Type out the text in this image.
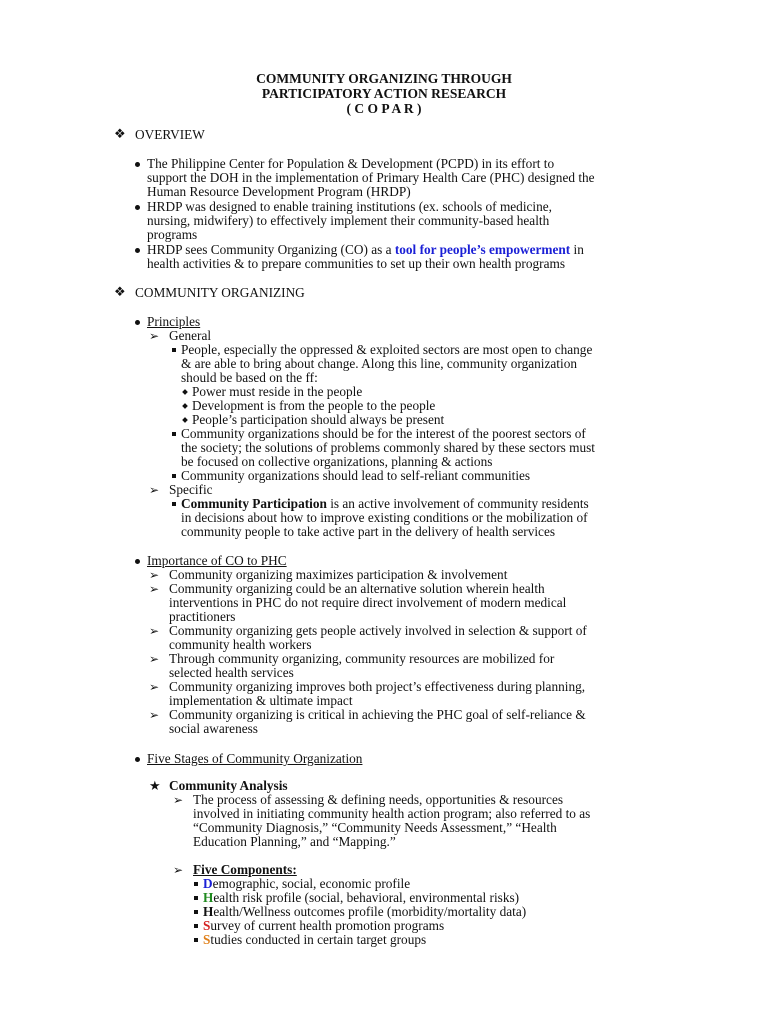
COMMUNITY ORGANIZING THROUGH
PARTICIPATORY ACTION RESEARCH
( C O P A R )
❖ OVERVIEW
The Philippine Center for Population & Development (PCPD) in its effort to
support the DOH in the implementation of Primary Health Care (PHC) designed the
Human Resource Development Program (HRDP)
HRDP was designed to enable training institutions (ex. schools of medicine,
nursing, midwifery) to effectively implement their community-based health
programs
HRDP sees Community Organizing (CO) as a tool for people’s empowerment in
health activities & to prepare communities to set up their own health programs
❖ COMMUNITY ORGANIZING
Principles
➢ General
People, especially the oppressed & exploited sectors are most open to change
& are able to bring about change. Along this line, community organization
should be based on the ff:
Power must reside in the people
Development is from the people to the people
People’s participation should always be present
Community organizations should be for the interest of the poorest sectors of
the society; the solutions of problems commonly shared by these sectors must
be focused on collective organizations, planning & actions
Community organizations should lead to self-reliant communities
➢ Specific
Community Participation is an active involvement of community residents
in decisions about how to improve existing conditions or the mobilization of
community people to take active part in the delivery of health services
Importance of CO to PHC
➢ Community organizing maximizes participation & involvement
➢ Community organizing could be an alternative solution wherein health
interventions in PHC do not require direct involvement of modern medical
practitioners
➢ Community organizing gets people actively involved in selection & support of
community health workers
➢ Through community organizing, community resources are mobilized for
selected health services
➢ Community organizing improves both project’s effectiveness during planning,
implementation & ultimate impact
➢ Community organizing is critical in achieving the PHC goal of self-reliance &
social awareness
Five Stages of Community Organization
★ Community Analysis
➢ The process of assessing & defining needs, opportunities & resources
involved in initiating community health action program; also referred to as
“Community Diagnosis,” “Community Needs Assessment,” “Health
Education Planning,” and “Mapping.”
➢ Five Components:
Demographic, social, economic profile
Health risk profile (social, behavioral, environmental risks)
Health/Wellness outcomes profile (morbidity/mortality data)
Survey of current health promotion programs
Studies conducted in certain target groups
